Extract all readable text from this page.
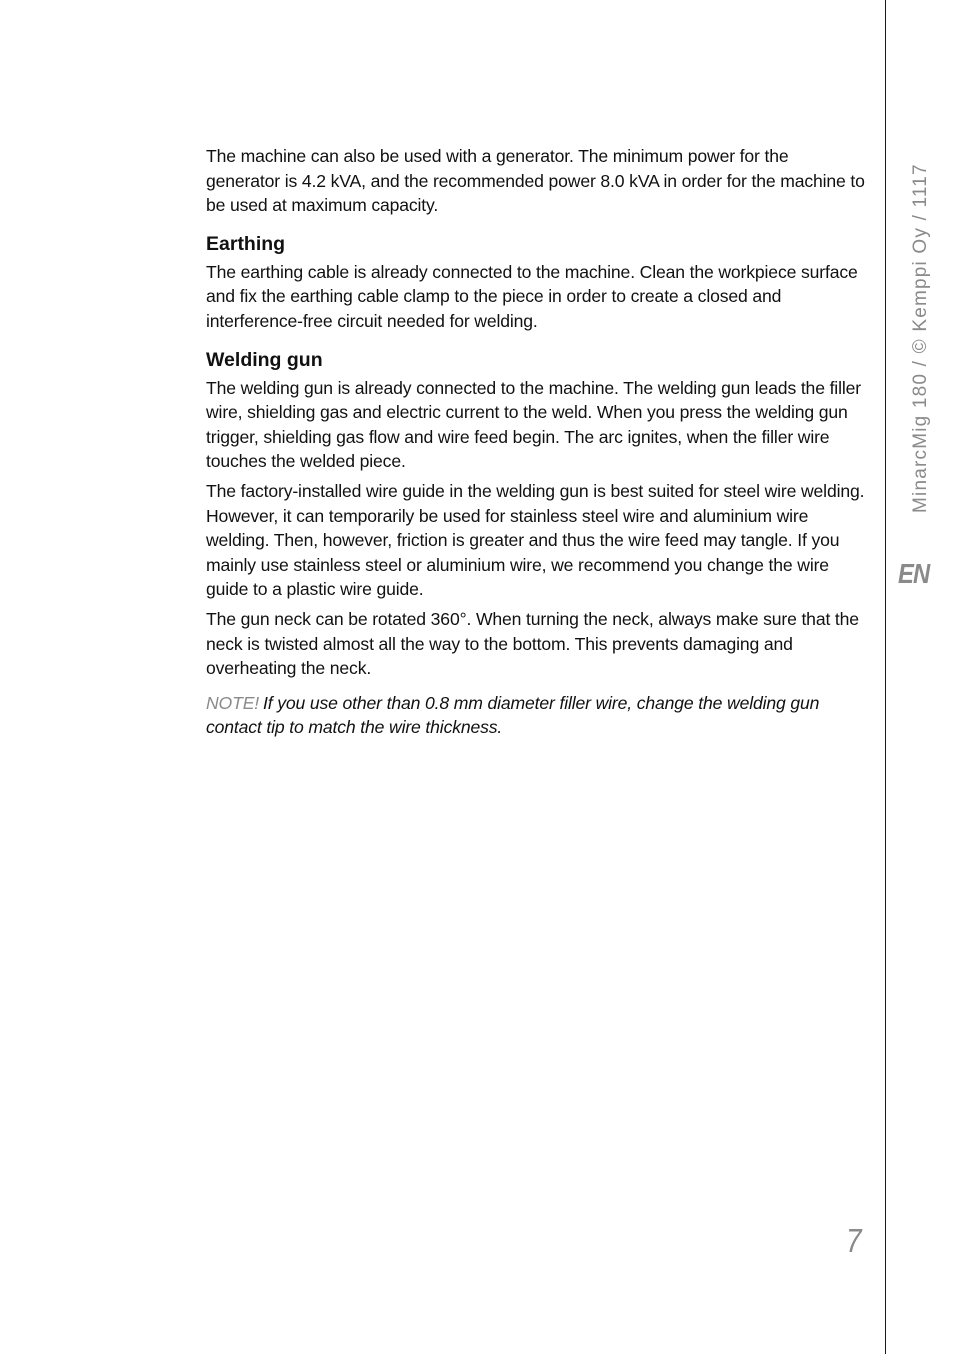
The machine can also be used with a generator. The minimum power for the generator is 4.2 kVA, and the recommended power 8.0 kVA in order for the machine to be used at maximum capacity.

Earthing

The earthing cable is already connected to the machine. Clean the workpiece surface and fix the earthing cable clamp to the piece in order to create a closed and interference-free circuit needed for welding.

Welding gun

The welding gun is already connected to the machine. The welding gun leads the filler wire, shielding gas and electric current to the weld. When you press the welding gun trigger, shielding gas flow and wire feed begin. The arc ignites, when the filler wire touches the welded piece.

The factory-installed wire guide in the welding gun is best suited for steel wire welding. However, it can temporarily be used for stainless steel wire and aluminium wire welding. Then, however, friction is greater and thus the wire feed may tangle. If you mainly use stainless steel or aluminium wire, we recommend you change the wire guide to a plastic wire guide.

The gun neck can be rotated 360°. When turning the neck, always make sure that the neck is twisted almost all the way to the bottom. This prevents damaging and overheating the neck.

NOTE! If you use other than 0.8 mm diameter filler wire, change the welding gun contact tip to match the wire thickness.

MinarcMig 180 / © Kemppi Oy / 1117
EN
7
